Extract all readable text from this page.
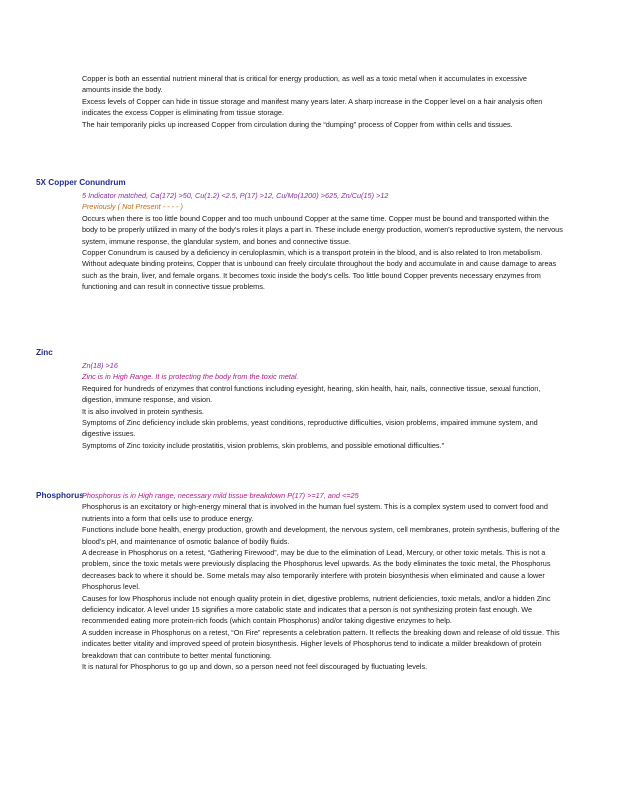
Copper is both an essential nutrient mineral that is critical for energy production, as well as a toxic metal when it accumulates in excessive amounts inside the body.

Excess levels of Copper can hide in tissue storage and manifest many years later. A sharp increase in the Copper level on a hair analysis often indicates the excess Copper is eliminating from tissue storage.

The hair temporarily picks up increased Copper from circulation during the “dumping” process of Copper from within cells and tissues.

5X Copper Conundrum

5 Indicator matched, Ca(172) >50, Cu(1.2) <2.5, P(17) >12, Cu/Mo(1200) >625, Zn/Cu(15) >12

Previously ( Not Present - - - - )

Occurs when there is too little bound Copper and too much unbound Copper at the same time. Copper must be bound and transported within the body to be properly utilized in many of the body's roles it plays a part in. These include energy production, women's reproductive system, the nervous system, immune response, the glandular system, and bones and connective tissue.

Copper Conundrum is caused by a deficiency in ceruloplasmin, which is a transport protein in the blood, and is also related to Iron metabolism. Without adequate binding proteins, Copper that is unbound can freely circulate throughout the body and accumulate in and cause damage to areas such as the brain, liver, and female organs. It becomes toxic inside the body's cells. Too little bound Copper prevents necessary enzymes from functioning and can result in connective tissue problems.

Zinc

Zn(18) >16

Zinc is in High Range. It is protecting the body from the toxic metal.

Required for hundreds of enzymes that control functions including eyesight, hearing, skin health, hair, nails, connective tissue, sexual function, digestion, immune response, and vision.

It is also involved in protein synthesis.

Symptoms of Zinc deficiency include skin problems, yeast conditions, reproductive difficulties, vision problems, impaired immune system, and digestive issues.

Symptoms of Zinc toxicity include prostatitis, vision problems, skin problems, and possible emotional difficulties."

Phosphorus

Phosphorus is in High range, necessary mild tissue breakdown P(17) >=17, and <=25

Phosphorus is an excitatory or high-energy mineral that is involved in the human fuel system. This is a complex system used to convert food and nutrients into a form that cells use to produce energy.

Functions include bone health, energy production, growth and development, the nervous system, cell membranes, protein synthesis, buffering of the blood's pH, and maintenance of osmotic balance of bodily fluids.

A decrease in Phosphorus on a retest, “Gathering Firewood”, may be due to the elimination of Lead, Mercury, or other toxic metals. This is not a problem, since the toxic metals were previously displacing the Phosphorus level upwards. As the body eliminates the toxic metal, the Phosphorus decreases back to where it should be. Some metals may also temporarily interfere with protein biosynthesis when eliminated and cause a lower Phosphorus level.

Causes for low Phosphorus include not enough quality protein in diet, digestive problems, nutrient deficiencies, toxic metals, and/or a hidden Zinc deficiency indicator. A level under 15 signifies a more catabolic state and indicates that a person is not synthesizing protein fast enough. We recommended eating more protein-rich foods (which contain Phosphorus) and/or taking digestive enzymes to help.

A sudden increase in Phosphorus on a retest, “On Fire” represents a celebration pattern. It reflects the breaking down and release of old tissue. This indicates better vitality and improved speed of protein biosynthesis. Higher levels of Phosphorus tend to indicate a milder breakdown of protein breakdown that can contribute to better mental functioning.

It is natural for Phosphorus to go up and down, so a person need not feel discouraged by fluctuating levels.
